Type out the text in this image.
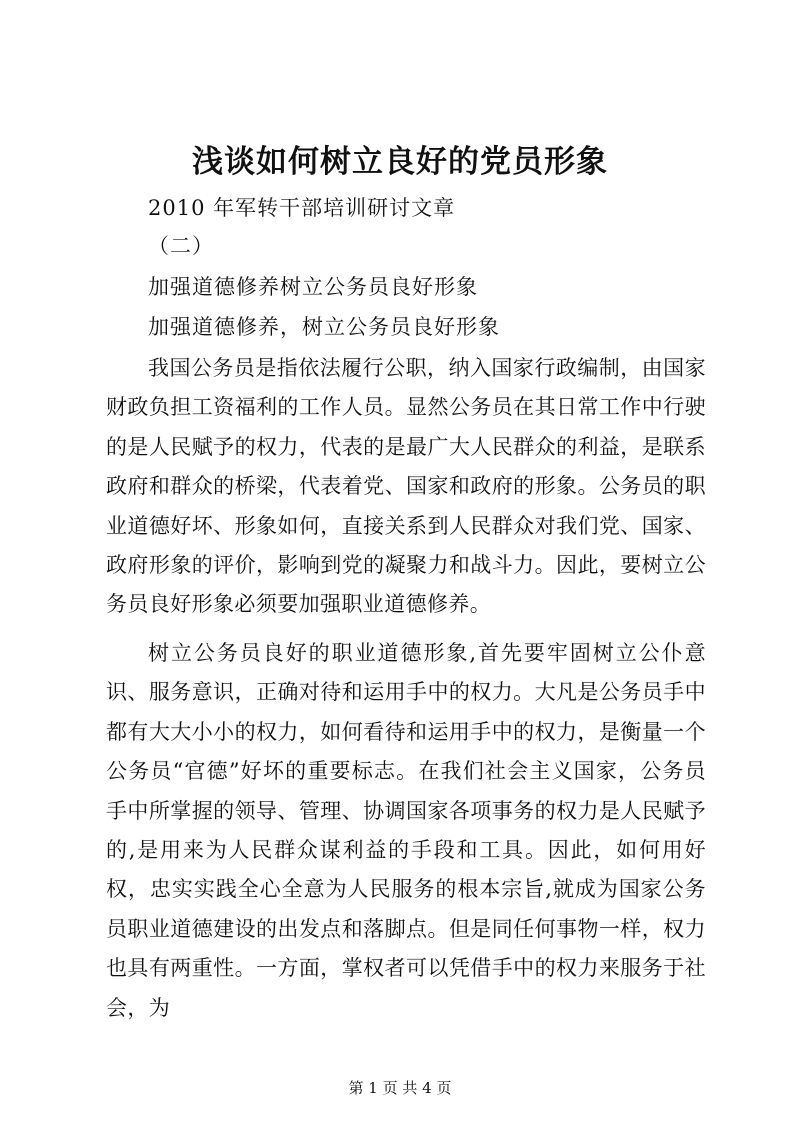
浅谈如何树立良好的党员形象
2010 年军转干部培训研讨文章
（二）
加强道德修养树立公务员良好形象
加强道德修养，树立公务员良好形象

我国公务员是指依法履行公职，纳入国家行政编制，由国家财政负担工资福利的工作人员。显然公务员在其日常工作中行驶的是人民赋予的权力，代表的是最广大人民群众的利益，是联系政府和群众的桥梁，代表着党、国家和政府的形象。公务员的职业道德好坏、形象如何，直接关系到人民群众对我们党、国家、政府形象的评价，影响到党的凝聚力和战斗力。因此，要树立公务员良好形象必须要加强职业道德修养。

树立公务员良好的职业道德形象,首先要牢固树立公仆意识、服务意识，正确对待和运用手中的权力。大凡是公务员手中都有大大小小的权力，如何看待和运用手中的权力，是衡量一个公务员“官德”好坏的重要标志。在我们社会主义国家，公务员手中所掌握的领导、管理、协调国家各项事务的权力是人民赋予的,是用来为人民群众谋利益的手段和工具。因此，如何用好权，忠实实践全心全意为人民服务的根本宗旨,就成为国家公务员职业道德建设的出发点和落脚点。但是同任何事物一样，权力也具有两重性。一方面，掌权者可以凭借手中的权力来服务于社会，为

第 1 页 共 4 页
